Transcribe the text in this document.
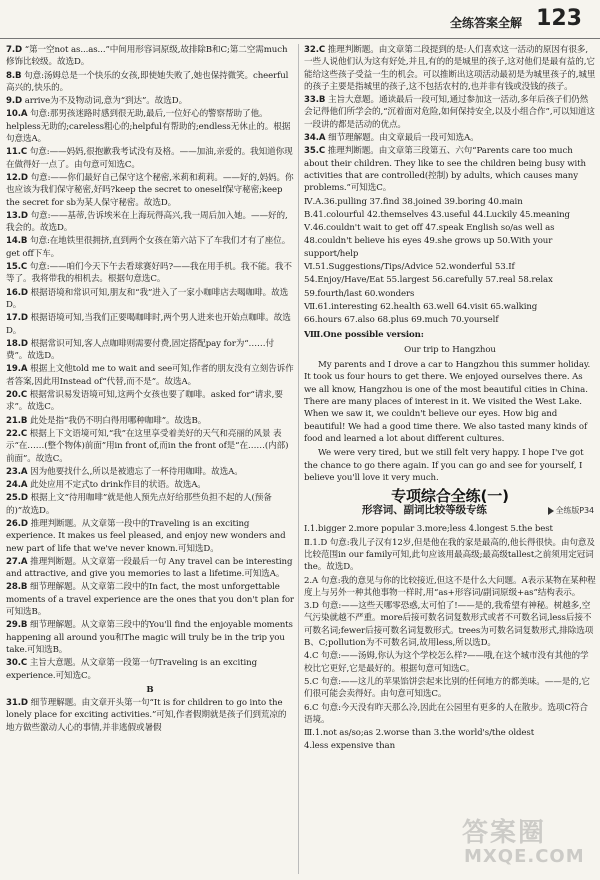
全练答案全解 123
7.D “第一空not as...as...”中间用形容词原级,故排除B和C;第二空需much修饰比较级。故选D。
8.B 句意:汤姆总是一个快乐的女孩,即使她失败了,她也保持微笑。cheerful高兴的,快乐的。
9.D arrive为不及物动词,意为“到达”。故选D。
10.A 句意:那男孩迷路时感到很无助,最后,一位好心的警察帮助了他。helpless无助的;careless粗心的;helpful有帮助的;endless无休止的。根据句意选A。
11.C 句意:——妈妈,很抱歉我考试没有及格。——加油,亲爱的。我知道你现在做得好一点了。由句意可知选C。
12.D 句意:——你们最好自己保守这个秘密,米莉和莉莉。——好的,妈妈。你也应该为我们保守秘密,好吗?keep the secret to oneself保守秘密;keep the secret for sb为某人保守秘密。故选D。
13.D 句意:——基蒂,告诉埃米在上海玩得高兴,我一周后加入她。——好的,我会的。故选D。
14.B 句意:在地铁里很拥挤,直到两个女孩在第六站下了车我们才有了座位。get off下车。
15.C 句意:——咱们今天下午去看球赛好吗?——我在用手机。我不能。我不等了。我将带我的相机去。根据句意选C。
16.D 根据语境和常识可知,朋友和“我”进入了一家小咖啡店去喝咖啡。故选D。
17.D 根据语境可知,当我们正要喝咖啡时,两个男人进来也开始点咖啡。故选D。
18.D 根据常识可知,客人点咖啡则需要付费,固定搭配pay for为“……付费”。故选D。
19.A 根据上文他told me to wait and see可知,作者的朋友没有立刻告诉作者答案,因此用Instead of“代替,而不是”。故选A。
20.C 根据常识易发语境可知,这两个女孩也要了咖啡。asked for“请求,要求”。故选C。
21.B 此处是指“我仍不明白得用哪种咖啡”。故选B。
22.C 根据上下文语境可知,“我”在这里享受着美好的天气和亮丽的风景 表示“在……(整个物体)前面”用in front of,而in the front of是“在……(内部)前面”。故选C。
23.A 因为他要找什么,所以是被遗忘了一杯待用咖啡。故选A。
24.A 此处应用不定式to drink作目的状语。故选A。
25.D 根据上文“待用咖啡”就是他人预先点好给那些负担不起的人(预备的)”故选D。
26.D 推理判断题。从文章第一段中的Traveling is an exciting experience. It makes us feel pleased, and enjoy new wonders and new part of life that we've never known.可知选D。
27.A 推理判断题。从文章第一段最后一句 Any travel can be interesting and attractive, and give you memories to last a lifetime.可知选A。
28.B 细节理解题。从文章第二段中的In fact, the most unforgettable moments of a travel experience are the ones that you don't plan for可知选B。
29.B 细节理解题。从文章第三段中的You'll find the enjoyable moments happening all around you和The magic will truly be in the trip you take.可知选B。
30.C 主旨大意题。从文章第一段第一句Traveling is an exciting experience.可知选C。
B
31.D 细节理解题。由文章开头第一句“It is for children to go into the lonely place for exciting activities.”可知,作者假期就是孩子们到荒凉的地方做些激动人心的事情,并非逃假或暑假
32.C 推理判断题。由文章第二段提到的是:人们喜欢这一活动的原因有很多,一些人说他们认为这有好处,并且,有的的是城里的孩子,这对他们是最有益的,它能给这些孩子受益一生的机会。可以推断出这项活动最初是为城里孩子的,城里的孩子主要是指城里的孩子,这不包括农村的,也并非有钱或没钱的孩子。
33.B 主旨大意题。通读最后一段可知,通过参加这一活动,多年后孩子们仍然会记得他们所学会的,“沉着面对危险,如何保持安全,以及小组合作”,可以知道这一段讲的都是活动的优点。
34.A 细节理解题。由文章最后一段可知选A。
35.C 推理判断题。由文章第三段第五、六句“Parents care too much about their children. They like to see the children being busy with activities that are controlled(控制) by adults, which causes many problems.”可知选C。
Ⅳ.A.36.pulling 37.find 38.joined 39.boring 40.main
B.41.colourful 42.themselves 43.useful 44.Luckily 45.meaning
Ⅴ.46.couldn't wait to get off 47.speak English so/as well as
48.couldn't believe his eyes 49.she grows up 50.With your support/help
Ⅵ.51.Suggestions/Tips/Advice 52.wonderful 53.If
54.Enjoy/Have/Eat 55.largest 56.carefully 57.real 58.relax
59.fourth/last 60.wonders
Ⅶ.61.interesting 62.health 63.well 64.visit 65.walking
66.hours 67.also 68.plus 69.much 70.yourself
Ⅷ.One possible version:
Our trip to Hangzhou
My parents and I drove a car to Hangzhou this summer holiday. It took us four hours to get there. We enjoyed ourselves there. As we all know, Hangzhou is one of the most beautiful cities in China. There are many places of interest in it. We visited the West Lake. When we saw it, we couldn't believe our eyes. How big and beautiful! We had a good time there. We also tasted many kinds of food and learned a lot about different cultures.
We were very tired, but we still felt very happy. I hope I've got the chance to go there again. If you can go and see for yourself, I believe you'll love it very much.
专项综合全练(一)
形容词、副词比较等级专练	全练版P34
Ⅰ.1.bigger 2.more popular 3.more;less 4.longest 5.the best
Ⅱ.1.D 句意:我儿子汉有12岁,但是他在我的家是最高的,他长得很快。由句意及比较范围in our family可知,此句应该用最高级;最高级tallest之前须用定冠词the。故选D。
2.A 句意:我的意见与你的比较接近,但这不是什么大问题。A表示某物在某种程度上与另外一种其他事物一样时,用“as+形容词/副词原级+as”结构表示。
3.D 句意:——这些天哪零恐惑,太可怕了!——是的,我希望有神秘。树越多,空气污染就越不严重。more后接可数名词复数形式或者不可数名词,less后接不可数名词;fewer后接可数名词复数形式。trees为可数名词复数形式,排除选项B、C;pollution为不可数名词,故用less,所以选D。
4.C 句意:——汤姆,你认为这个学校怎么样?——哦,在这个城市没有其他的学校比它更好,它是最好的。根据句意可知选C。
5.C 句意:——这儿的苹果馅饼尝起来比别的任何地方的都美味。——是的,它们很可能会卖得好。由句意可知选C。
6.C 句意:今天没有昨天那么冷,因此在公园里有更多的人在散步。选项C符合语境。
Ⅲ.1.not as/so;as 2.worse than 3.the world's/the oldest
4.less expensive than
答案圈
MXQE.COM
